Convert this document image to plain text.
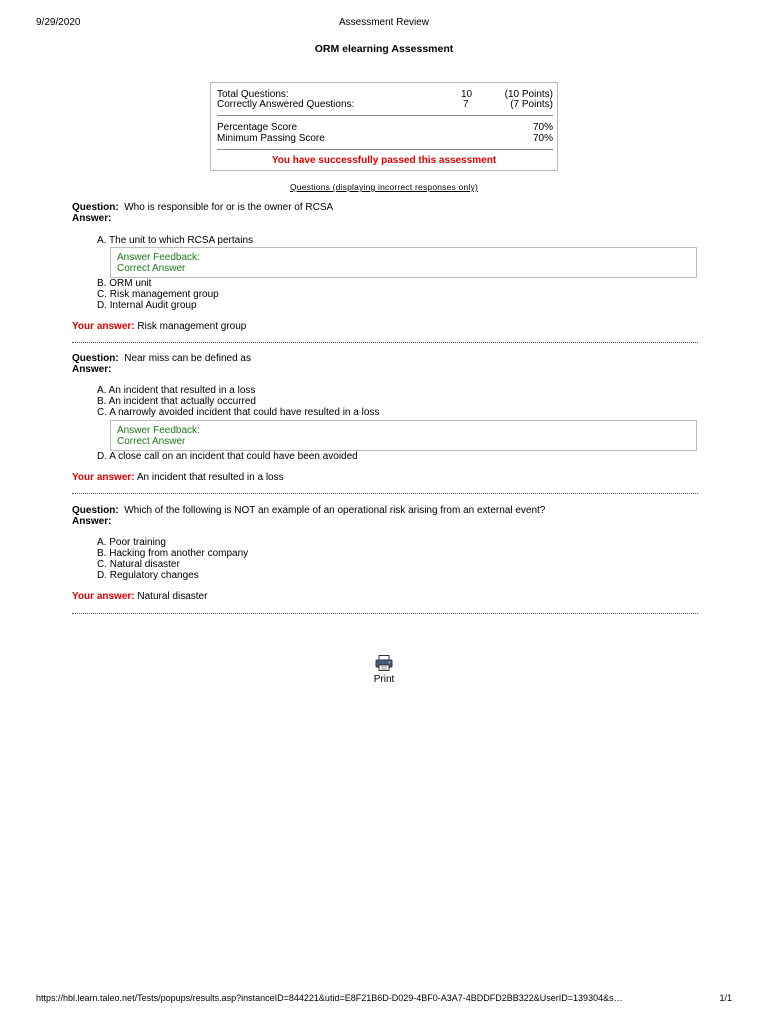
9/29/2020	Assessment Review
ORM elearning Assessment
Total Questions:	10	(10 Points)
Correctly Answered Questions:	7	(7 Points)
Percentage Score	70%
Minimum Passing Score	70%
You have successfully passed this assessment
Questions (displaying incorrect responses only)
Question: Who is responsible for or is the owner of RCSA
Answer:
A. The unit to which RCSA pertains
Answer Feedback:
Correct Answer
B. ORM unit
C. Risk management group
D. Internal Audit group
Your answer: Risk management group
Question: Near miss can be defined as
Answer:
A. An incident that resulted in a loss
B. An incident that actually occurred
C. A narrowly avoided incident that could have resulted in a loss
Answer Feedback:
Correct Answer
D. A close call on an incident that could have been avoided
Your answer: An incident that resulted in a loss
Question: Which of the following is NOT an example of an operational risk arising from an external event?
Answer:
A. Poor training
B. Hacking from another company
C. Natural disaster
D. Regulatory changes
Your answer: Natural disaster
Print
https://hbl.learn.taleo.net/Tests/popups/results.asp?instanceID=844221&utid=E8F21B6D-D029-4BF0-A3A7-4BDDFD2BB322&UserID=139304&s…	1/1
